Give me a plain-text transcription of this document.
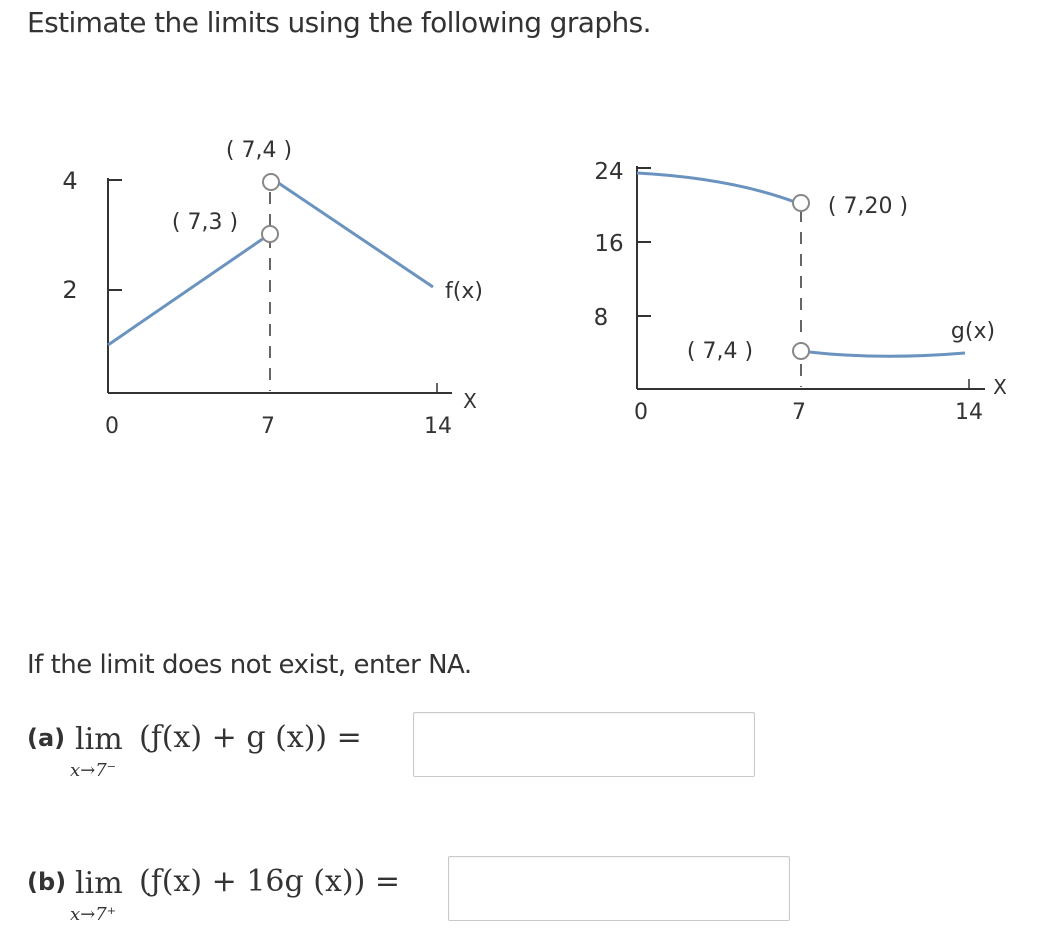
Estimate the limits using the following graphs.
4
2
0	7	14
X
( 7,4 )
( 7,3 )
f(x)
24
16
8
0	7	14
X
( 7,20 )
( 7,4 )
g(x)
If the limit does not exist, enter NA.
(a) lim
x→7⁻
(ƒ(x) + g (x)) =
(b) lim
x→7⁺
(ƒ(x) + 16g (x)) =
